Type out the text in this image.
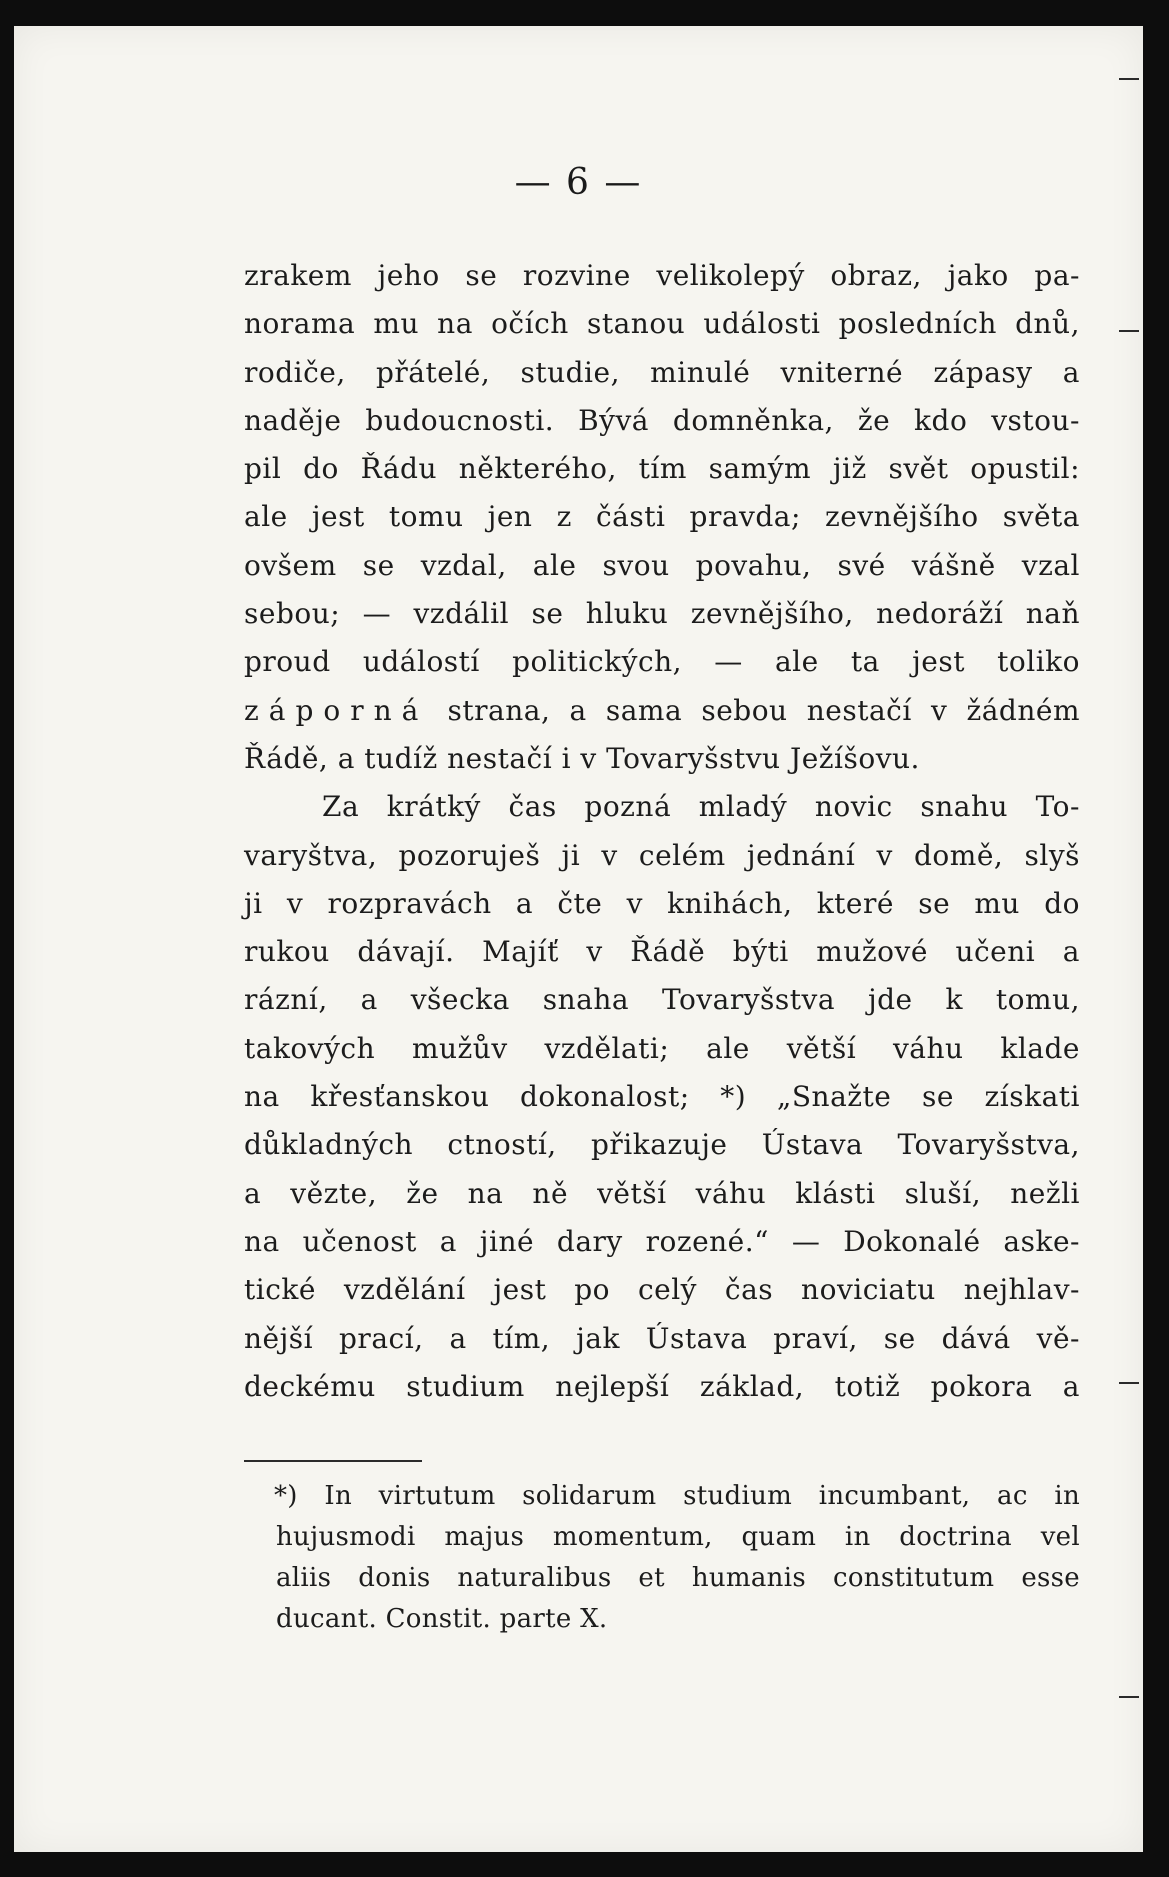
— 6 —
zrakem jeho se rozvine velikolepý obraz, jako pa-
norama mu na očích stanou události posledních dnů,
rodiče, přátelé, studie, minulé vniterné zápasy a
naděje budoucnosti. Bývá domněnka, že kdo vstou-
pil do Řádu některého, tím samým již svět opustil:
ale jest tomu jen z části pravda; zevnějšího světa
ovšem se vzdal, ale svou povahu, své vášně vzal
sebou; — vzdálil se hluku zevnějšího, nedoráží naň
proud událostí politických, — ale ta jest toliko
záporná strana, a sama sebou nestačí v žádném
Řádě, a tudíž nestačí i v Tovaryšstvu Ježíšovu.
Za krátký čas pozná mladý novic snahu To-
varyštva, pozoruješ ji v celém jednání v domě, slyš
ji v rozpravách a čte v knihách, které se mu do
rukou dávají. Majíť v Řádě býti mužové učeni a
rázní, a všecka snaha Tovaryšstva jde k tomu,
takových mužův vzdělati; ale větší váhu klade
na křesťanskou dokonalost; *) „Snažte se získati
důkladných ctností, přikazuje Ústava Tovaryšstva,
a vězte, že na ně větší váhu klásti sluší, nežli
na učenost a jiné dary rozené.“ — Dokonalé aske-
tické vzdělání jest po celý čas noviciatu nejhlav-
nější prací, a tím, jak Ústava praví, se dává vě-
deckému studium nejlepší základ, totiž pokora a
*) In virtutum solidarum studium incumbant, ac in
hujusmodi majus momentum, quam in doctrina vel
aliis donis naturalibus et humanis constitutum esse
ducant. Constit. parte X.
